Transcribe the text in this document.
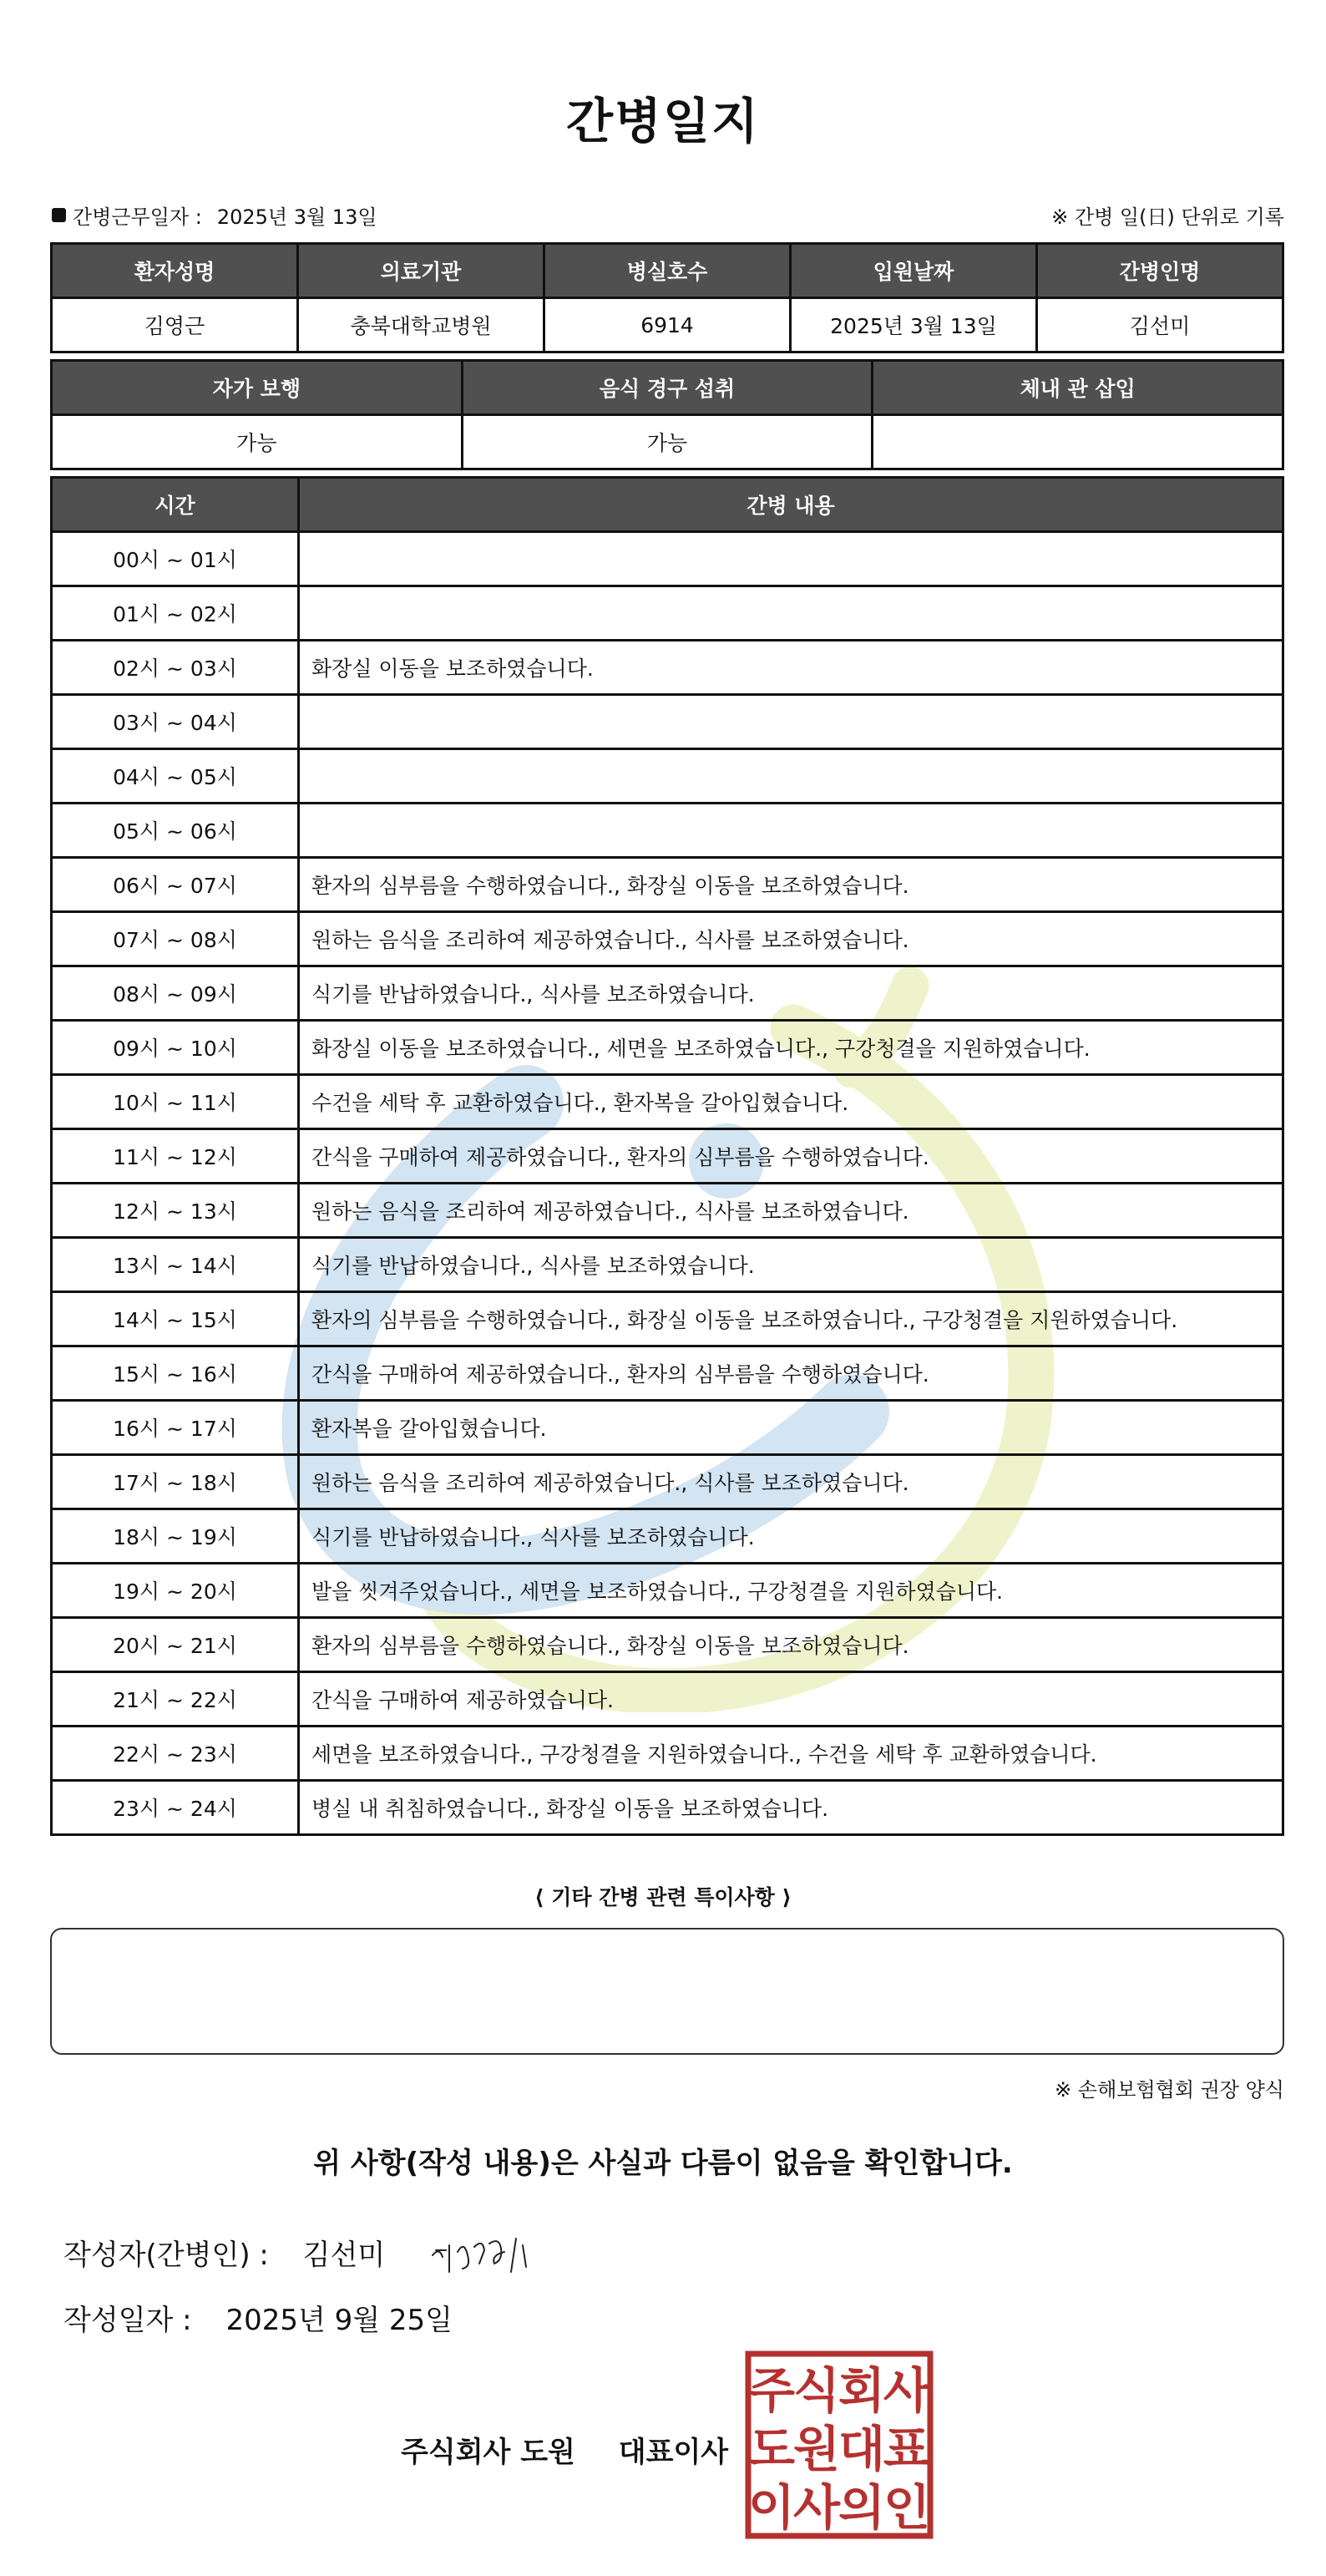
간병일지
간병근무일자 : 2025년 3월 13일	※ 간병 일(日) 단위로 기록
환자성명	의료기관	병실호수	입원날짜	간병인명
김영근	충북대학교병원	6914	2025년 3월 13일	김선미
자가 보행	음식 경구 섭취	체내 관 삽입
가능	가능	
시간	간병 내용
00시 ~ 01시	
01시 ~ 02시	
02시 ~ 03시	화장실 이동을 보조하였습니다.
03시 ~ 04시	
04시 ~ 05시	
05시 ~ 06시	
06시 ~ 07시	환자의 심부름을 수행하였습니다., 화장실 이동을 보조하였습니다.
07시 ~ 08시	원하는 음식을 조리하여 제공하였습니다., 식사를 보조하였습니다.
08시 ~ 09시	식기를 반납하였습니다., 식사를 보조하였습니다.
09시 ~ 10시	화장실 이동을 보조하였습니다., 세면을 보조하였습니다., 구강청결을 지원하였습니다.
10시 ~ 11시	수건을 세탁 후 교환하였습니다., 환자복을 갈아입혔습니다.
11시 ~ 12시	간식을 구매하여 제공하였습니다., 환자의 심부름을 수행하였습니다.
12시 ~ 13시	원하는 음식을 조리하여 제공하였습니다., 식사를 보조하였습니다.
13시 ~ 14시	식기를 반납하였습니다., 식사를 보조하였습니다.
14시 ~ 15시	환자의 심부름을 수행하였습니다., 화장실 이동을 보조하였습니다., 구강청결을 지원하였습니다.
15시 ~ 16시	간식을 구매하여 제공하였습니다., 환자의 심부름을 수행하였습니다.
16시 ~ 17시	환자복을 갈아입혔습니다.
17시 ~ 18시	원하는 음식을 조리하여 제공하였습니다., 식사를 보조하였습니다.
18시 ~ 19시	식기를 반납하였습니다., 식사를 보조하였습니다.
19시 ~ 20시	발을 씻겨주었습니다., 세면을 보조하였습니다., 구강청결을 지원하였습니다.
20시 ~ 21시	환자의 심부름을 수행하였습니다., 화장실 이동을 보조하였습니다.
21시 ~ 22시	간식을 구매하여 제공하였습니다.
22시 ~ 23시	세면을 보조하였습니다., 구강청결을 지원하였습니다., 수건을 세탁 후 교환하였습니다.
23시 ~ 24시	병실 내 취침하였습니다., 화장실 이동을 보조하였습니다.
⟨ 기타 간병 관련 특이사항 ⟩
※ 손해보험협회 권장 양식
위 사항(작성 내용)은 사실과 다름이 없음을 확인합니다.
작성자(간병인) : 김선미
작성일자 : 2025년 9월 25일
주식회사 도원 대표이사
주
식
회
사
도
원
대
표
이
사
의
인
